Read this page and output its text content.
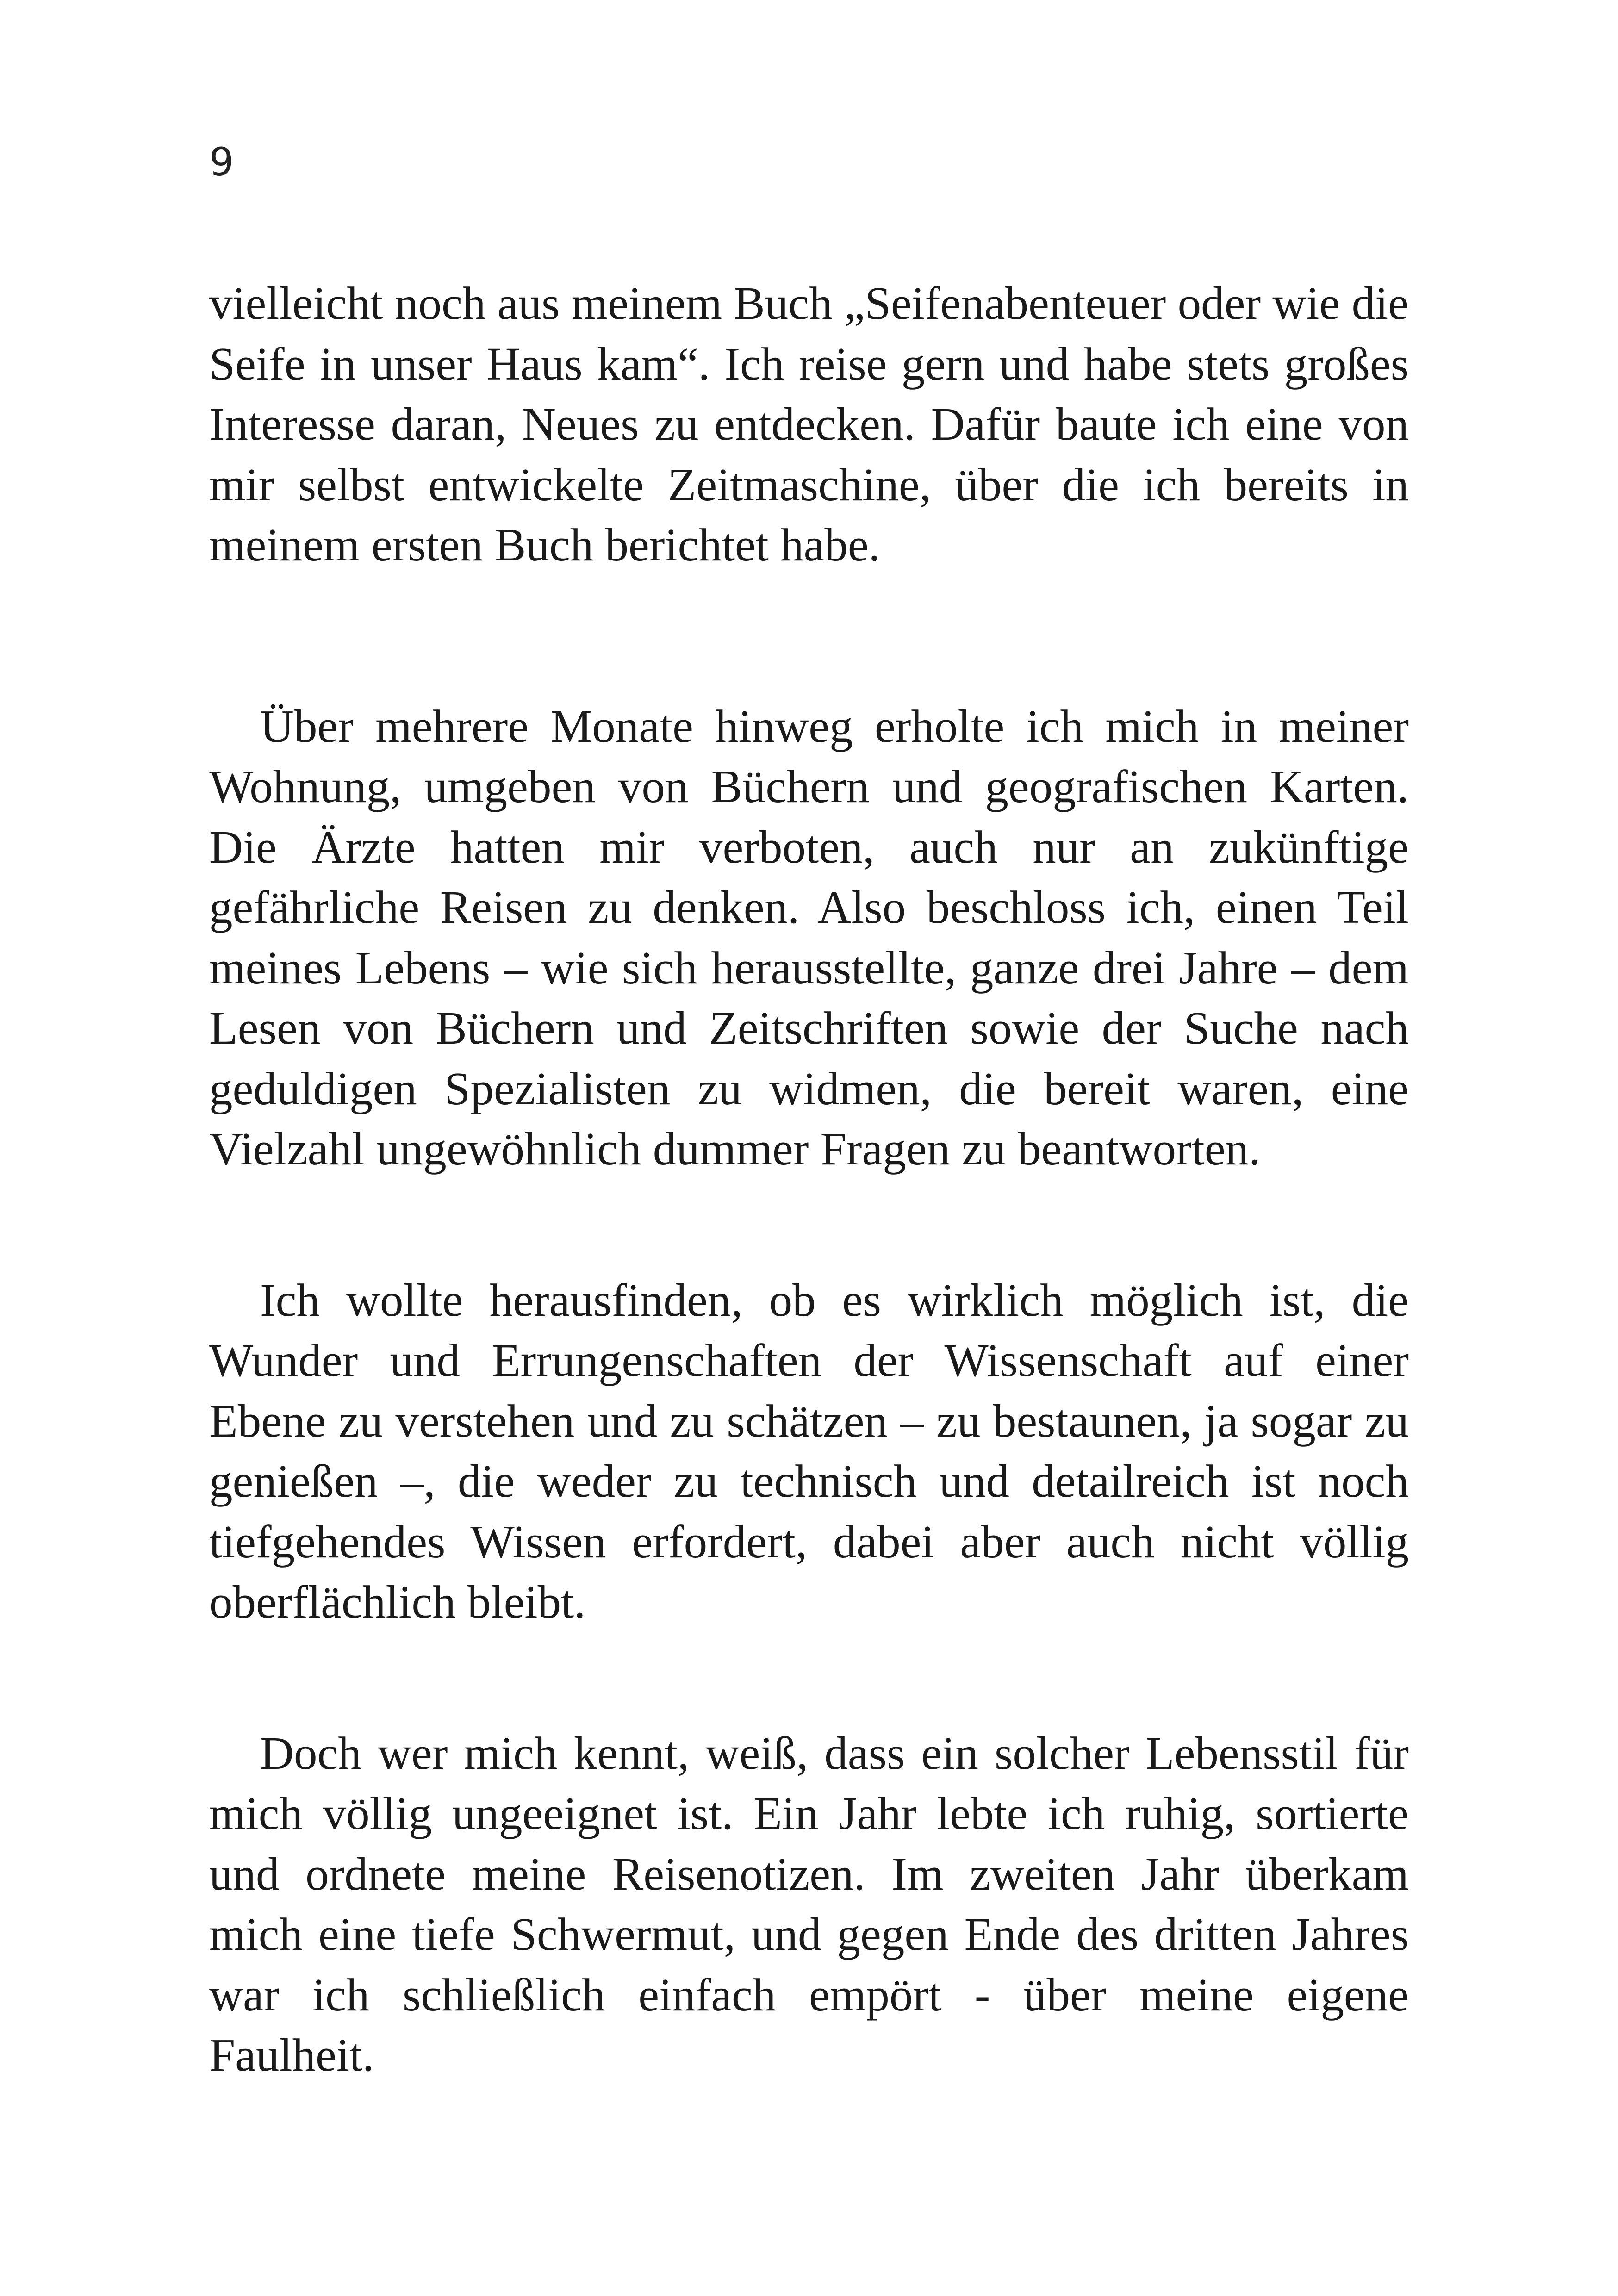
9

vielleicht noch aus meinem Buch „Seifenabenteuer oder wie die Seife in unser Haus kam“. Ich reise gern und habe stets großes Interesse daran, Neues zu entdecken. Dafür baute ich eine von mir selbst entwickelte Zeitmaschine, über die ich bereits in meinem ersten Buch berichtet habe.

Über mehrere Monate hinweg erholte ich mich in meiner Wohnung, umgeben von Büchern und geografischen Karten. Die Ärzte hatten mir verboten, auch nur an zukünftige gefährliche Reisen zu denken. Also beschloss ich, einen Teil meines Lebens – wie sich herausstellte, ganze drei Jahre – dem Lesen von Büchern und Zeitschriften sowie der Suche nach geduldigen Spezialisten zu widmen, die bereit waren, eine Vielzahl ungewöhnlich dummer Fragen zu beantworten.

Ich wollte herausfinden, ob es wirklich möglich ist, die Wunder und Errungenschaften der Wissenschaft auf einer Ebene zu verstehen und zu schätzen – zu bestaunen, ja sogar zu genießen –, die weder zu technisch und detailreich ist noch tiefgehendes Wissen erfordert, dabei aber auch nicht völlig oberflächlich bleibt.

Doch wer mich kennt, weiß, dass ein solcher Lebensstil für mich völlig ungeeignet ist. Ein Jahr lebte ich ruhig, sortierte und ordnete meine Reisenotizen. Im zweiten Jahr überkam mich eine tiefe Schwermut, und gegen Ende des dritten Jahres war ich schließlich einfach empört - über meine eigene Faulheit.
